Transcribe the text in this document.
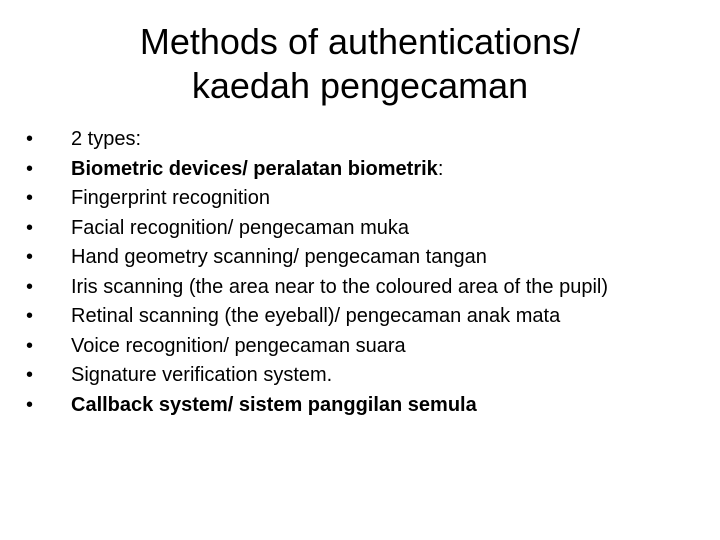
Methods of authentications/
kaedah pengecaman
•	2 types:
•	Biometric devices/ peralatan biometrik:
•	Fingerprint recognition
•	Facial recognition/ pengecaman muka
•	Hand geometry scanning/ pengecaman tangan
•	Iris scanning (the area near to the coloured area of the pupil)
•	Retinal scanning (the eyeball)/ pengecaman anak mata
•	Voice recognition/ pengecaman suara
•	Signature verification system.
•	Callback system/ sistem panggilan semula
